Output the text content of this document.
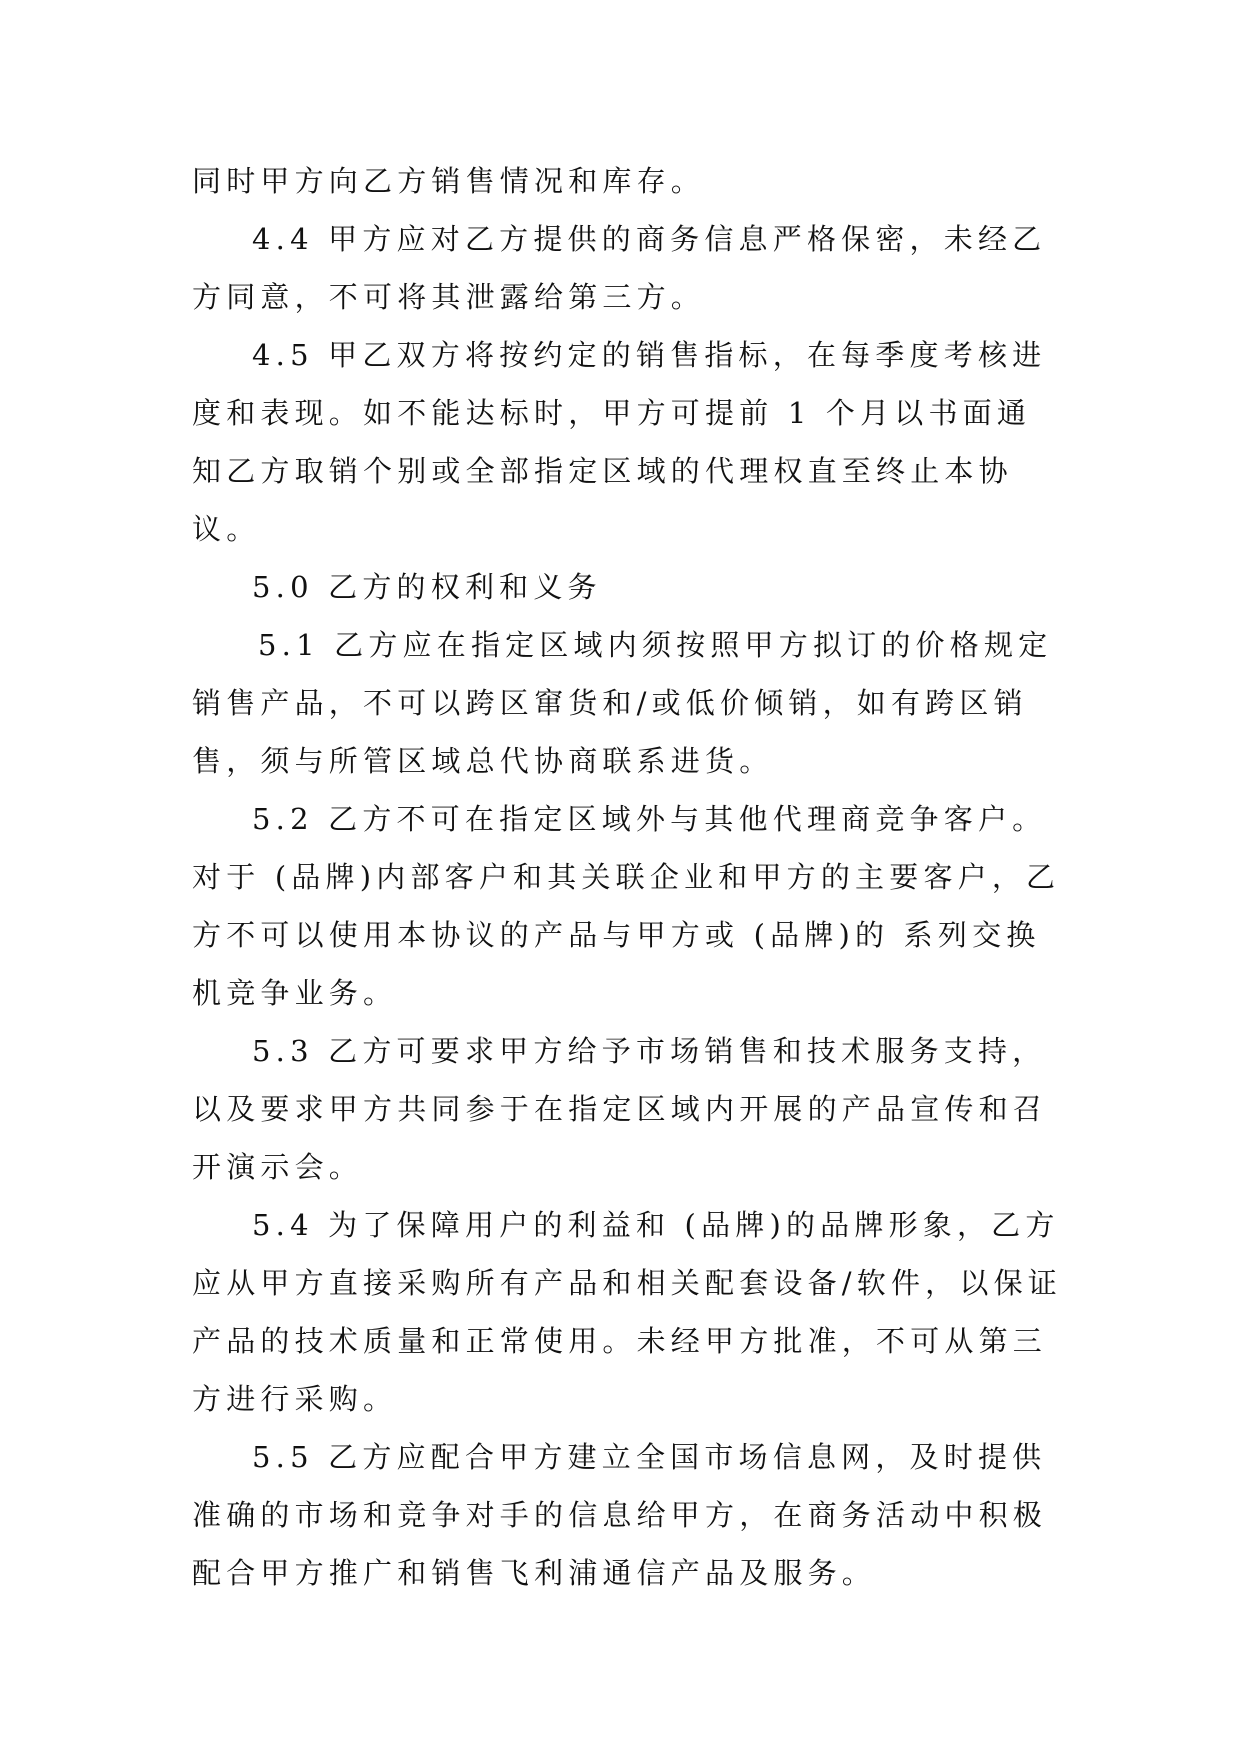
同时甲方向乙方销售情况和库存。

4.4 甲方应对乙方提供的商务信息严格保密，未经乙方同意，不可将其泄露给第三方。

4.5 甲乙双方将按约定的销售指标，在每季度考核进度和表现。如不能达标时，甲方可提前 1 个月以书面通知乙方取销个别或全部指定区域的代理权直至终止本协议。

5.0 乙方的权利和义务

5.1 乙方应在指定区域内须按照甲方拟订的价格规定销售产品，不可以跨区窜货和/或低价倾销，如有跨区销售，须与所管区域总代协商联系进货。

5.2 乙方不可在指定区域外与其他代理商竞争客户。对于 (品牌)内部客户和其关联企业和甲方的主要客户，乙方不可以使用本协议的产品与甲方或 (品牌)的 系列交换机竞争业务。

5.3 乙方可要求甲方给予市场销售和技术服务支持，以及要求甲方共同参于在指定区域内开展的产品宣传和召开演示会。

5.4 为了保障用户的利益和 (品牌)的品牌形象，乙方应从甲方直接采购所有产品和相关配套设备/软件，以保证产品的技术质量和正常使用。未经甲方批准，不可从第三方进行采购。

5.5 乙方应配合甲方建立全国市场信息网，及时提供准确的市场和竞争对手的信息给甲方，在商务活动中积极配合甲方推广和销售飞利浦通信产品及服务。
